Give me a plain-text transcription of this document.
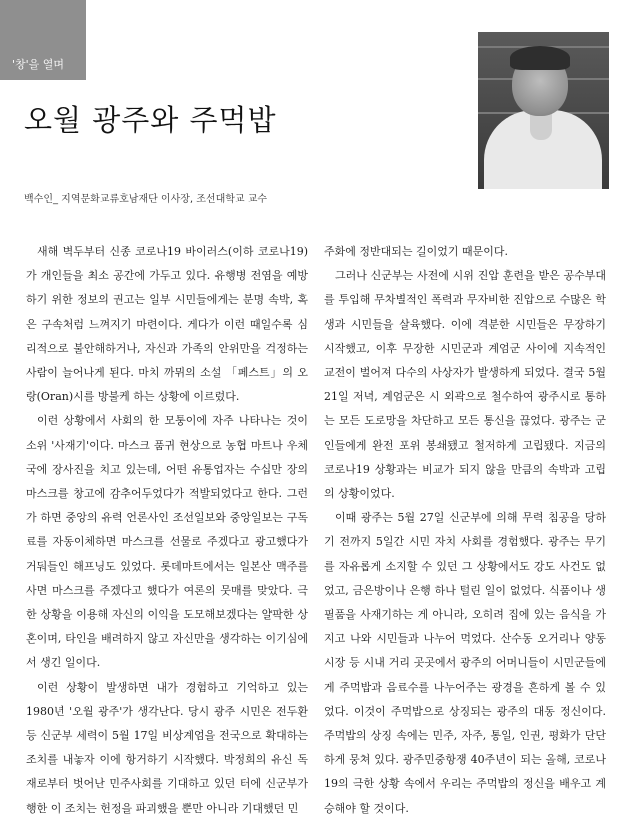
'창'을 열며
오월 광주와 주먹밥

백수인_ 지역문화교류호남재단 이사장, 조선대학교 교수

새해 벽두부터 신종 코로나19 바이러스(이하 코로나19)가 개인들을 최소 공간에 가두고 있다. 유행병 전염을 예방하기 위한 정보의 권고는 일부 시민들에게는 분명 속박, 혹은 구속처럼 느껴지기 마련이다. 게다가 이런 때일수록 심리적으로 불안해하거나, 자신과 가족의 안위만을 걱정하는 사람이 늘어나게 된다. 마치 까뮈의 소설 「페스트」의 오랑(Oran)시를 방불케 하는 상황에 이르렀다.

이런 상황에서 사회의 한 모퉁이에 자주 나타나는 것이 소위 '사재기'이다. 마스크 품귀 현상으로 농협 마트나 우체국에 장사진을 치고 있는데, 어떤 유통업자는 수십만 장의 마스크를 창고에 감추어두었다가 적발되었다고 한다. 그런가 하면 중앙의 유력 언론사인 조선일보와 중앙일보는 구독료를 자동이체하면 마스크를 선물로 주겠다고 광고했다가 거둬들인 해프닝도 있었다. 롯데마트에서는 일본산 맥주를 사면 마스크를 주겠다고 했다가 여론의 뭇매를 맞았다. 극한 상황을 이용해 자신의 이익을 도모해보겠다는 얄팍한 상혼이며, 타인을 배려하지 않고 자신만을 생각하는 이기심에서 생긴 일이다.

이런 상황이 발생하면 내가 경험하고 기억하고 있는 1980년 '오월 광주'가 생각난다. 당시 광주 시민은 전두환 등 신군부 세력이 5월 17일 비상계엄을 전국으로 확대하는 조치를 내놓자 이에 항거하기 시작했다. 박정희의 유신 독재로부터 벗어난 민주사회를 기대하고 있던 터에 신군부가 행한 이 조치는 헌정을 파괴했을 뿐만 아니라 기대했던 민

주화에 정반대되는 길이었기 때문이다.

그러나 신군부는 사전에 시위 진압 훈련을 받은 공수부대를 투입해 무차별적인 폭력과 무자비한 진압으로 수많은 학생과 시민들을 살육했다. 이에 격분한 시민들은 무장하기 시작했고, 이후 무장한 시민군과 계엄군 사이에 지속적인 교전이 벌어져 다수의 사상자가 발생하게 되었다. 결국 5월 21일 저녁, 계엄군은 시 외곽으로 철수하여 광주시로 통하는 모든 도로망을 차단하고 모든 통신을 끊었다. 광주는 군인들에게 완전 포위 봉쇄됐고 철저하게 고립됐다. 지금의 코로나19 상황과는 비교가 되지 않을 만큼의 속박과 고립의 상황이었다.

이때 광주는 5월 27일 신군부에 의해 무력 침공을 당하기 전까지 5일간 시민 자치 사회를 경험했다. 광주는 무기를 자유롭게 소지할 수 있던 그 상황에서도 강도 사건도 없었고, 금은방이나 은행 하나 털린 일이 없었다. 식품이나 생필품을 사재기하는 게 아니라, 오히려 집에 있는 음식을 가지고 나와 시민들과 나누어 먹었다. 산수동 오거리나 양동시장 등 시내 거리 곳곳에서 광주의 어머니들이 시민군들에게 주먹밥과 음료수를 나누어주는 광경을 흔하게 볼 수 있었다. 이것이 주먹밥으로 상징되는 광주의 대동 정신이다. 주먹밥의 상징 속에는 민주, 자주, 통일, 인권, 평화가 단단하게 뭉쳐 있다. 광주민중항쟁 40주년이 되는 올해, 코로나19의 극한 상황 속에서 우리는 주먹밥의 정신을 배우고 계승해야 할 것이다.
